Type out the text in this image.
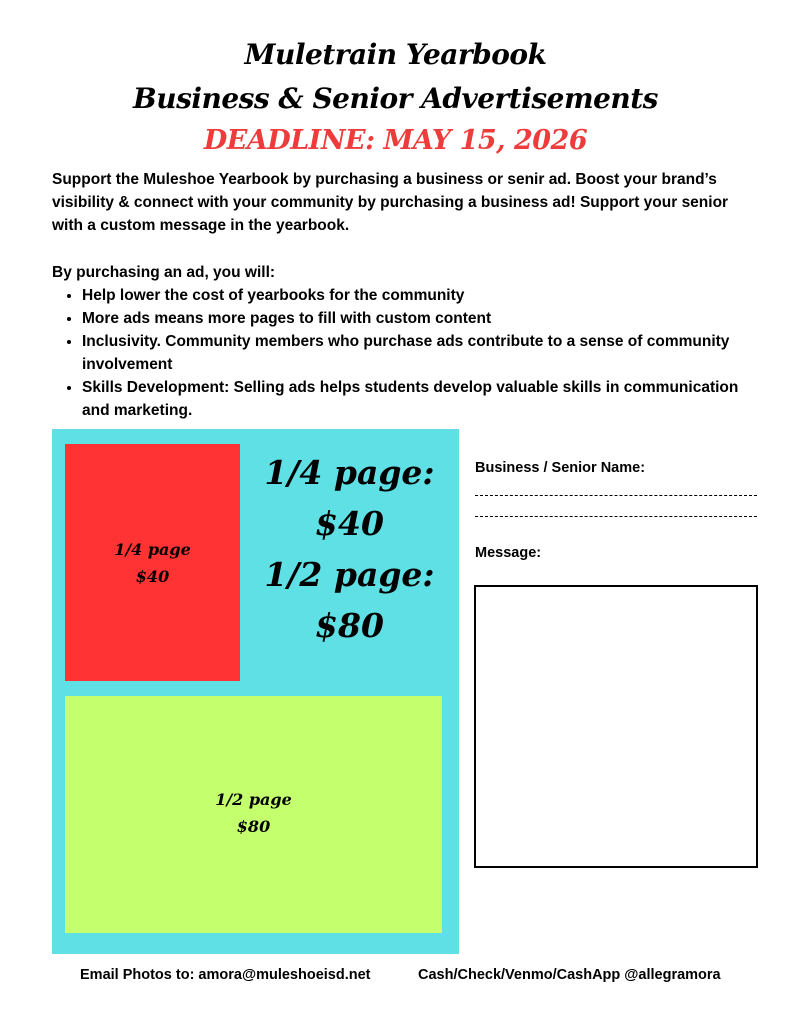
Muletrain Yearbook
Business & Senior Advertisements
DEADLINE: MAY 15, 2026
Support the Muleshoe Yearbook by purchasing a business or senir ad. Boost your brand’s visibility & connect with your community by purchasing a business ad! Support your senior with a custom message in the yearbook.
By purchasing an ad, you will:
• Help lower the cost of yearbooks for the community
• More ads means more pages to fill with custom content
• Inclusivity. Community members who purchase ads contribute to a sense of community involvement
• Skills Development: Selling ads helps students develop valuable skills in communication and marketing.
1/4 page
$40
1/4 page:
$40
1/2 page:
$80
1/2 page
$80
Business / Senior Name:
Message:
Email Photos to: amora@muleshoeisd.net	Cash/Check/Venmo/CashApp @allegramora
